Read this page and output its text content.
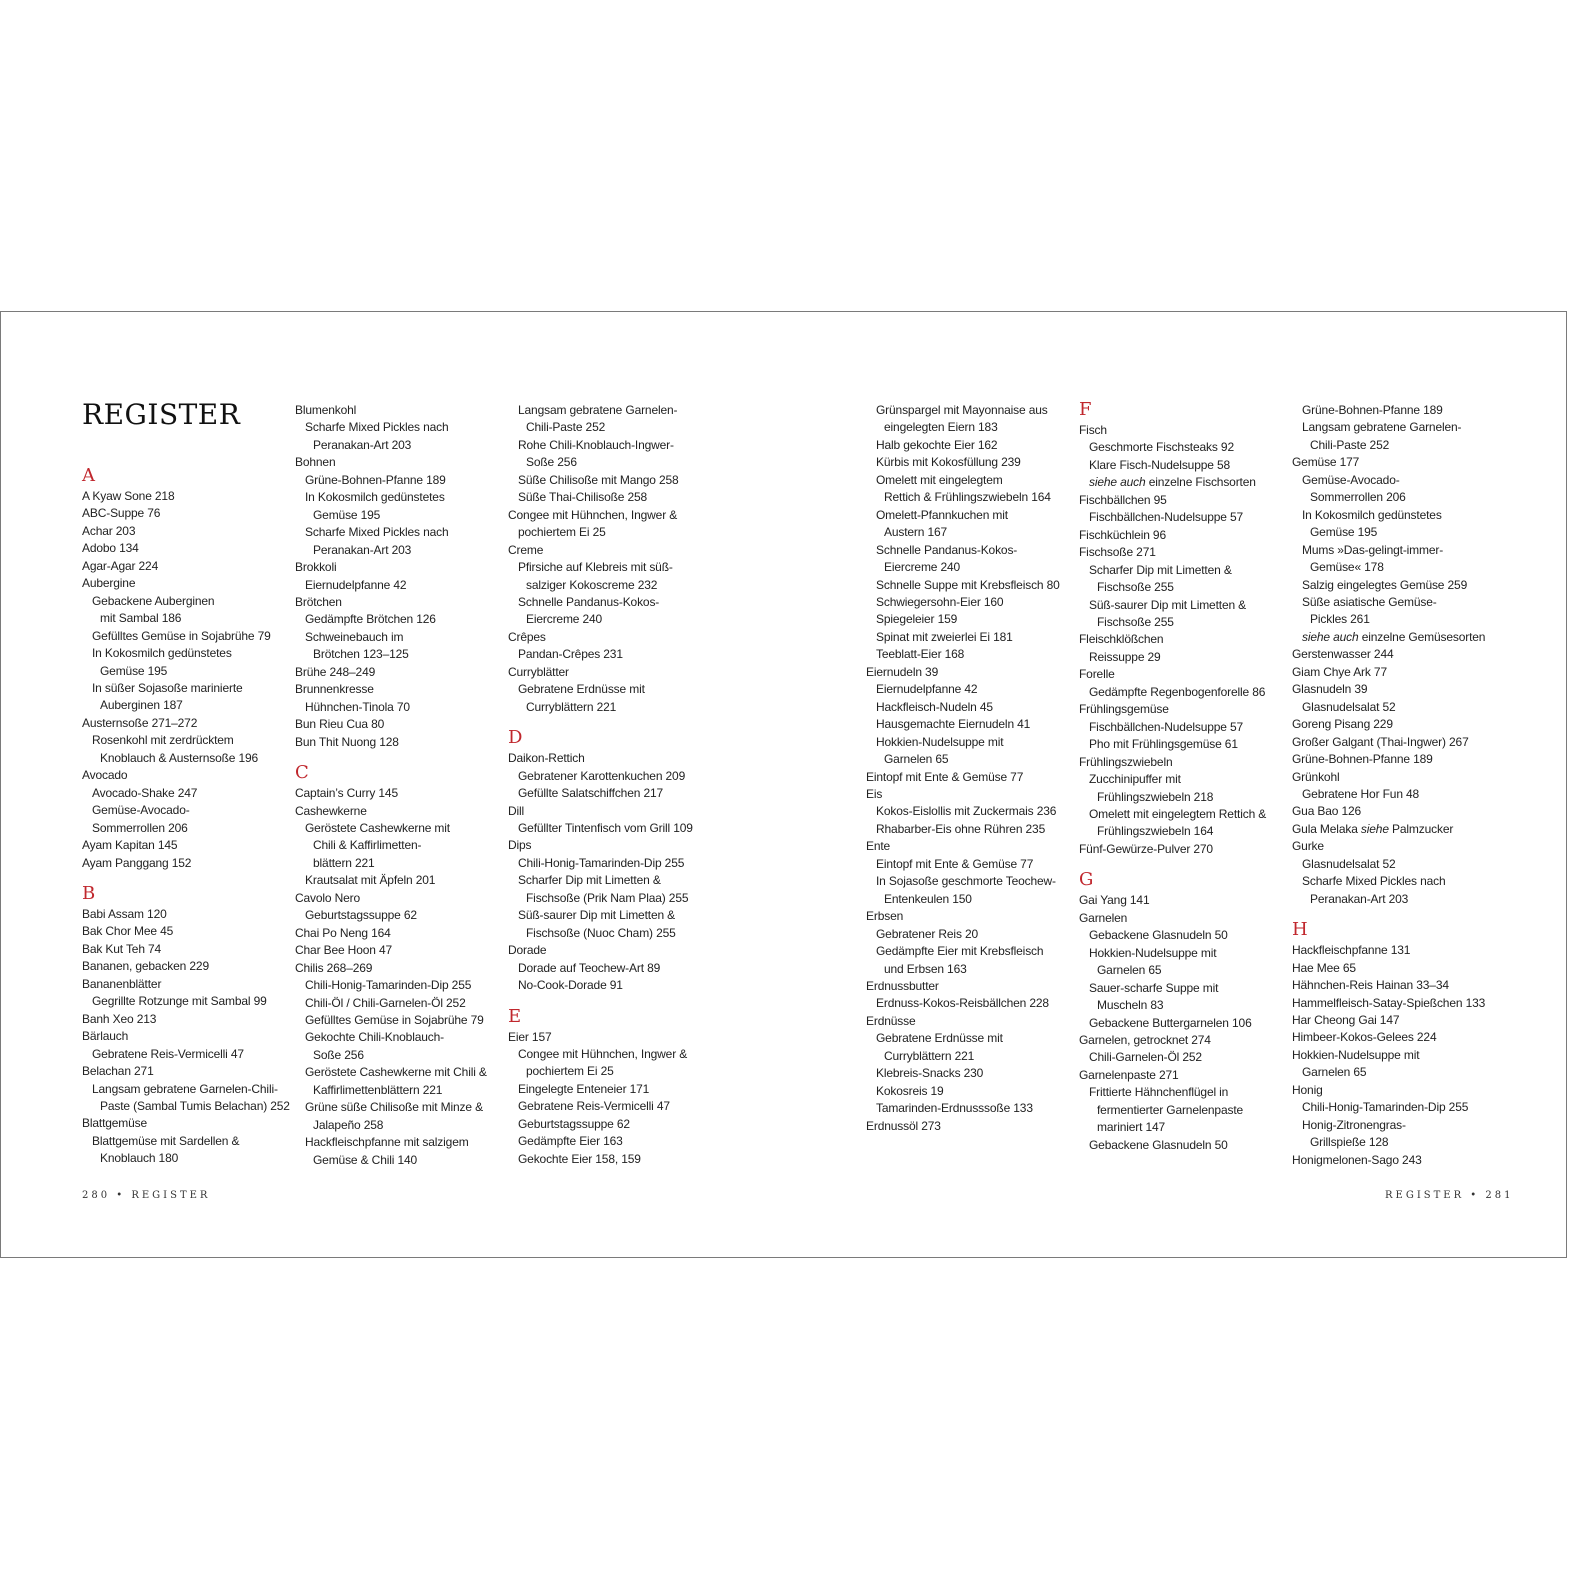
REGISTER
A
A Kyaw Sone 218
ABC-Suppe 76
Achar 203
Adobo 134
Agar-Agar 224
Aubergine
Gebackene Auberginen
mit Sambal 186
Gefülltes Gemüse in Sojabrühe 79
In Kokosmilch gedünstetes
Gemüse 195
In süßer Sojasoße marinierte
Auberginen 187
Austernsoße 271–272
Rosenkohl mit zerdrücktem
Knoblauch & Austernsoße 196
Avocado
Avocado-Shake 247
Gemüse-Avocado-
Sommerrollen 206
Ayam Kapitan 145
Ayam Panggang 152
B
Babi Assam 120
Bak Chor Mee 45
Bak Kut Teh 74
Bananen, gebacken 229
Bananenblätter
Gegrillte Rotzunge mit Sambal 99
Banh Xeo 213
Bärlauch
Gebratene Reis-Vermicelli 47
Belachan 271
Langsam gebratene Garnelen-Chili-
Paste (Sambal Tumis Belachan) 252
Blattgemüse
Blattgemüse mit Sardellen &
Knoblauch 180
Blumenkohl
Scharfe Mixed Pickles nach
Peranakan-Art 203
Bohnen
Grüne-Bohnen-Pfanne 189
In Kokosmilch gedünstetes
Gemüse 195
Scharfe Mixed Pickles nach
Peranakan-Art 203
Brokkoli
Eiernudelpfanne 42
Brötchen
Gedämpfte Brötchen 126
Schweinebauch im
Brötchen 123–125
Brühe 248–249
Brunnenkresse
Hühnchen-Tinola 70
Bun Rieu Cua 80
Bun Thit Nuong 128
C
Captain’s Curry 145
Cashewkerne
Geröstete Cashewkerne mit
Chili & Kaffirlimetten-
blättern 221
Krautsalat mit Äpfeln 201
Cavolo Nero
Geburtstagssuppe 62
Chai Po Neng 164
Char Bee Hoon 47
Chilis 268–269
Chili-Honig-Tamarinden-Dip 255
Chili-Öl / Chili-Garnelen-Öl 252
Gefülltes Gemüse in Sojabrühe 79
Gekochte Chili-Knoblauch-
Soße 256
Geröstete Cashewkerne mit Chili &
Kaffirlimettenblättern 221
Grüne süße Chilisoße mit Minze &
Jalapeño 258
Hackfleischpfanne mit salzigem
Gemüse & Chili 140
Langsam gebratene Garnelen-
Chili-Paste 252
Rohe Chili-Knoblauch-Ingwer-
Soße 256
Süße Chilisoße mit Mango 258
Süße Thai-Chilisoße 258
Congee mit Hühnchen, Ingwer &
pochiertem Ei 25
Creme
Pfirsiche auf Klebreis mit süß-
salziger Kokoscreme 232
Schnelle Pandanus-Kokos-
Eiercreme 240
Crêpes
Pandan-Crêpes 231
Curryblätter
Gebratene Erdnüsse mit
Curryblättern 221
D
Daikon-Rettich
Gebratener Karottenkuchen 209
Gefüllte Salatschiffchen 217
Dill
Gefüllter Tintenfisch vom Grill 109
Dips
Chili-Honig-Tamarinden-Dip 255
Scharfer Dip mit Limetten &
Fischsoße (Prik Nam Plaa) 255
Süß-saurer Dip mit Limetten &
Fischsoße (Nuoc Cham) 255
Dorade
Dorade auf Teochew-Art 89
No-Cook-Dorade 91
E
Eier 157
Congee mit Hühnchen, Ingwer &
pochiertem Ei 25
Eingelegte Enteneier 171
Gebratene Reis-Vermicelli 47
Geburtstagssuppe 62
Gedämpfte Eier 163
Gekochte Eier 158, 159
Grünspargel mit Mayonnaise aus
eingelegten Eiern 183
Halb gekochte Eier 162
Kürbis mit Kokosfüllung 239
Omelett mit eingelegtem
Rettich & Frühlingszwiebeln 164
Omelett-Pfannkuchen mit
Austern 167
Schnelle Pandanus-Kokos-
Eiercreme 240
Schnelle Suppe mit Krebsfleisch 80
Schwiegersohn-Eier 160
Spiegeleier 159
Spinat mit zweierlei Ei 181
Teeblatt-Eier 168
Eiernudeln 39
Eiernudelpfanne 42
Hackfleisch-Nudeln 45
Hausgemachte Eiernudeln 41
Hokkien-Nudelsuppe mit
Garnelen 65
Eintopf mit Ente & Gemüse 77
Eis
Kokos-Eislollis mit Zuckermais 236
Rhabarber-Eis ohne Rühren 235
Ente
Eintopf mit Ente & Gemüse 77
In Sojasoße geschmorte Teochew-
Entenkeulen 150
Erbsen
Gebratener Reis 20
Gedämpfte Eier mit Krebsfleisch
und Erbsen 163
Erdnussbutter
Erdnuss-Kokos-Reisbällchen 228
Erdnüsse
Gebratene Erdnüsse mit
Curryblättern 221
Klebreis-Snacks 230
Kokosreis 19
Tamarinden-Erdnusssoße 133
Erdnussöl 273
F
Fisch
Geschmorte Fischsteaks 92
Klare Fisch-Nudelsuppe 58
siehe auch einzelne Fischsorten
Fischbällchen 95
Fischbällchen-Nudelsuppe 57
Fischküchlein 96
Fischsoße 271
Scharfer Dip mit Limetten &
Fischsoße 255
Süß-saurer Dip mit Limetten &
Fischsoße 255
Fleischklößchen
Reissuppe 29
Forelle
Gedämpfte Regenbogenforelle 86
Frühlingsgemüse
Fischbällchen-Nudelsuppe 57
Pho mit Frühlingsgemüse 61
Frühlingszwiebeln
Zucchinipuffer mit
Frühlingszwiebeln 218
Omelett mit eingelegtem Rettich &
Frühlingszwiebeln 164
Fünf-Gewürze-Pulver 270
G
Gai Yang 141
Garnelen
Gebackene Glasnudeln 50
Hokkien-Nudelsuppe mit
Garnelen 65
Sauer-scharfe Suppe mit
Muscheln 83
Gebackene Buttergarnelen 106
Garnelen, getrocknet 274
Chili-Garnelen-Öl 252
Garnelenpaste 271
Frittierte Hähnchenflügel in
fermentierter Garnelenpaste
mariniert 147
Gebackene Glasnudeln 50
Grüne-Bohnen-Pfanne 189
Langsam gebratene Garnelen-
Chili-Paste 252
Gemüse 177
Gemüse-Avocado-
Sommerrollen 206
In Kokosmilch gedünstetes
Gemüse 195
Mums »Das-gelingt-immer-
Gemüse« 178
Salzig eingelegtes Gemüse 259
Süße asiatische Gemüse-
Pickles 261
siehe auch einzelne Gemüsesorten
Gerstenwasser 244
Giam Chye Ark 77
Glasnudeln 39
Glasnudelsalat 52
Goreng Pisang 229
Großer Galgant (Thai-Ingwer) 267
Grüne-Bohnen-Pfanne 189
Grünkohl
Gebratene Hor Fun 48
Gua Bao 126
Gula Melaka siehe Palmzucker
Gurke
Glasnudelsalat 52
Scharfe Mixed Pickles nach
Peranakan-Art 203
H
Hackfleischpfanne 131
Hae Mee 65
Hähnchen-Reis Hainan 33–34
Hammelfleisch-Satay-Spießchen 133
Har Cheong Gai 147
Himbeer-Kokos-Gelees 224
Hokkien-Nudelsuppe mit
Garnelen 65
Honig
Chili-Honig-Tamarinden-Dip 255
Honig-Zitronengras-
Grillspieße 128
Honigmelonen-Sago 243
280 • REGISTER	REGISTER • 281
